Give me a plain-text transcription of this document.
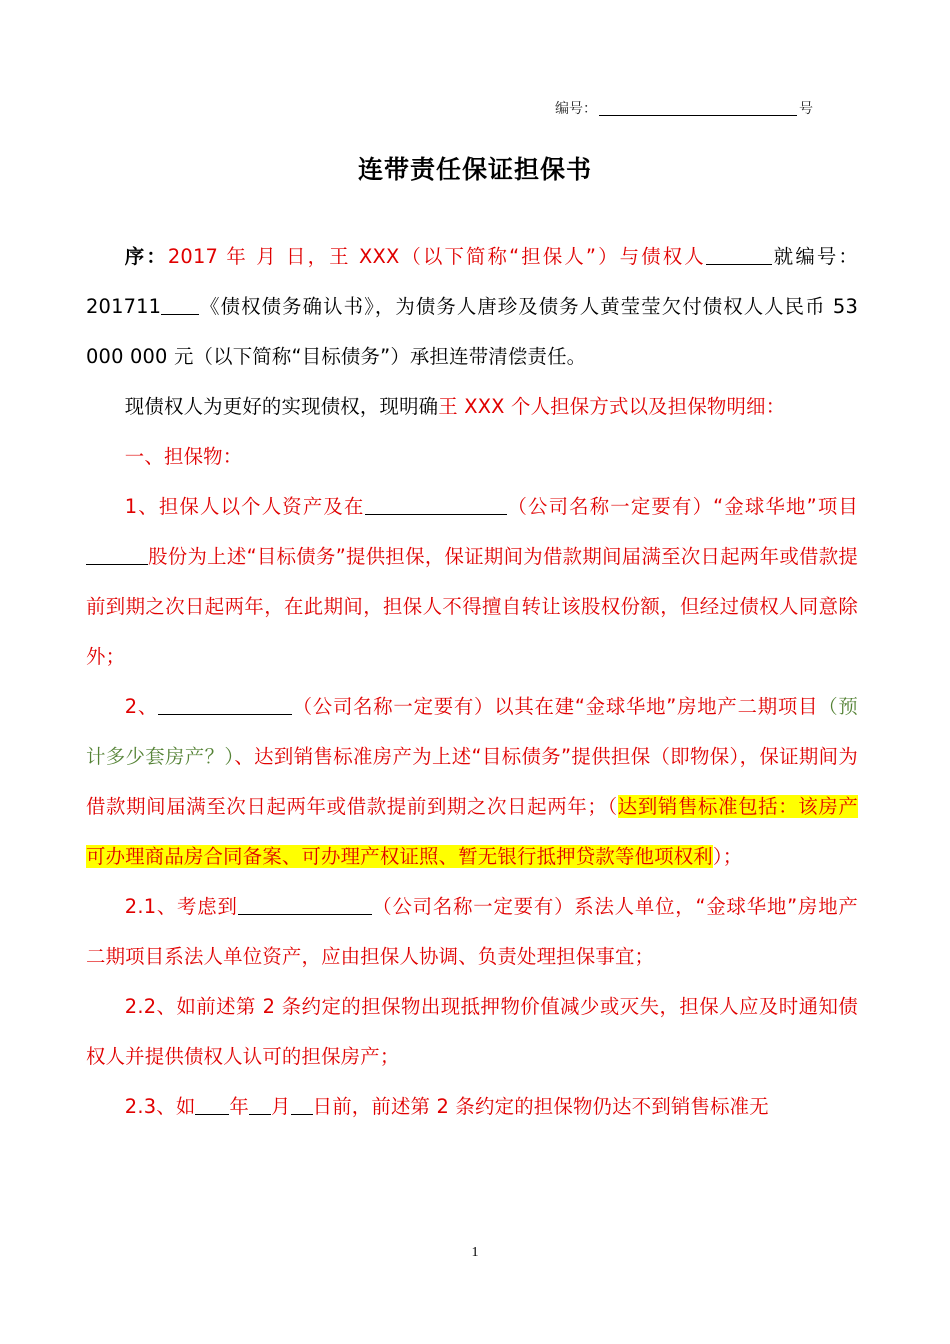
编号：	号
连带责任保证担保书

序：2017 年 月 日，王 XXX（以下简称“担保人”）与债权人	就编号：201711 《债权债务确认书》，为债务人唐珍及债务人黄莹莹欠付债权人人民币 53 000 000 元（以下简称“目标债务”）承担连带清偿责任。

现债权人为更好的实现债权，现明确王 XXX 个人担保方式以及担保物明细：

一、担保物：

1、担保人以个人资产及在	（公司名称一定要有）“金球华地”项目股份为上述“目标债务”提供担保，保证期间为借款期间届满至次日起两年或借款提前到期之次日起两年，在此期间，担保人不得擅自转让该股权份额，但经过债权人同意除外；

2、	（公司名称一定要有）以其在建“金球华地”房地产二期项目（预计多少套房产？）、达到销售标准房产为上述“目标债务”提供担保（即物保），保证期间为借款期间届满至次日起两年或借款提前到期之次日起两年；（达到销售标准包括：该房产可办理商品房合同备案、可办理产权证照、暂无银行抵押贷款等他项权利）；

2.1、考虑到	（公司名称一定要有）系法人单位，“金球华地”房地产二期项目系法人单位资产，应由担保人协调、负责处理担保事宜；

2.2、如前述第 2 条约定的担保物出现抵押物价值减少或灭失，担保人应及时通知债权人并提供债权人认可的担保房产；

2.3、如 年 月 日前，前述第 2 条约定的担保物仍达不到销售标准无

1
